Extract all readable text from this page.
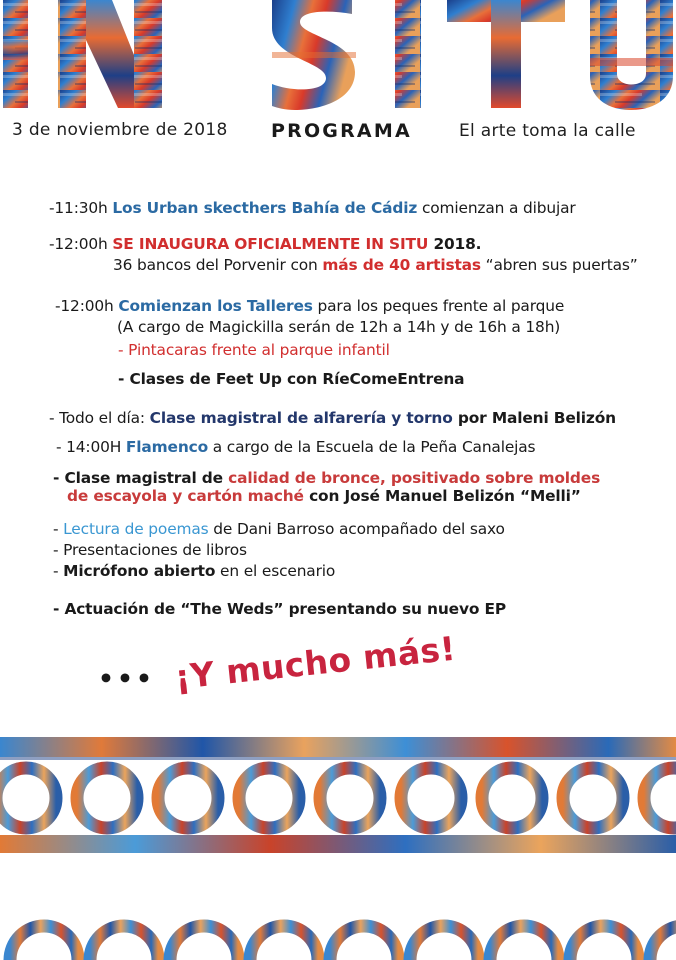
3 de noviembre de 2018 PROGRAMA	El arte toma la calle
-11:30h Los Urban skecthers Bahía de Cádiz comienzan a dibujar
-12:00h SE INAUGURA OFICIALMENTE IN SITU 2018.
36 bancos del Porvenir con más de 40 artistas “abren sus puertas”
-12:00h Comienzan los Talleres para los peques frente al parque
(A cargo de Magickilla serán de 12h a 14h y de 16h a 18h)
- Pintacaras frente al parque infantil
- Clases de Feet Up con RíeComeEntrena
- Todo el día: Clase magistral de alfarería y torno por Maleni Belizón
- 14:00H Flamenco a cargo de la Escuela de la Peña Canalejas
- Clase magistral de calidad de bronce, positivado sobre moldes
de escayola y cartón maché con José Manuel Belizón “Melli”
- Lectura de poemas de Dani Barroso acompañado del saxo
- Presentaciones de libros
- Micrófono abierto en el escenario
- Actuación de “The Weds” presentando su nuevo EP
••• ¡Y mucho más!
